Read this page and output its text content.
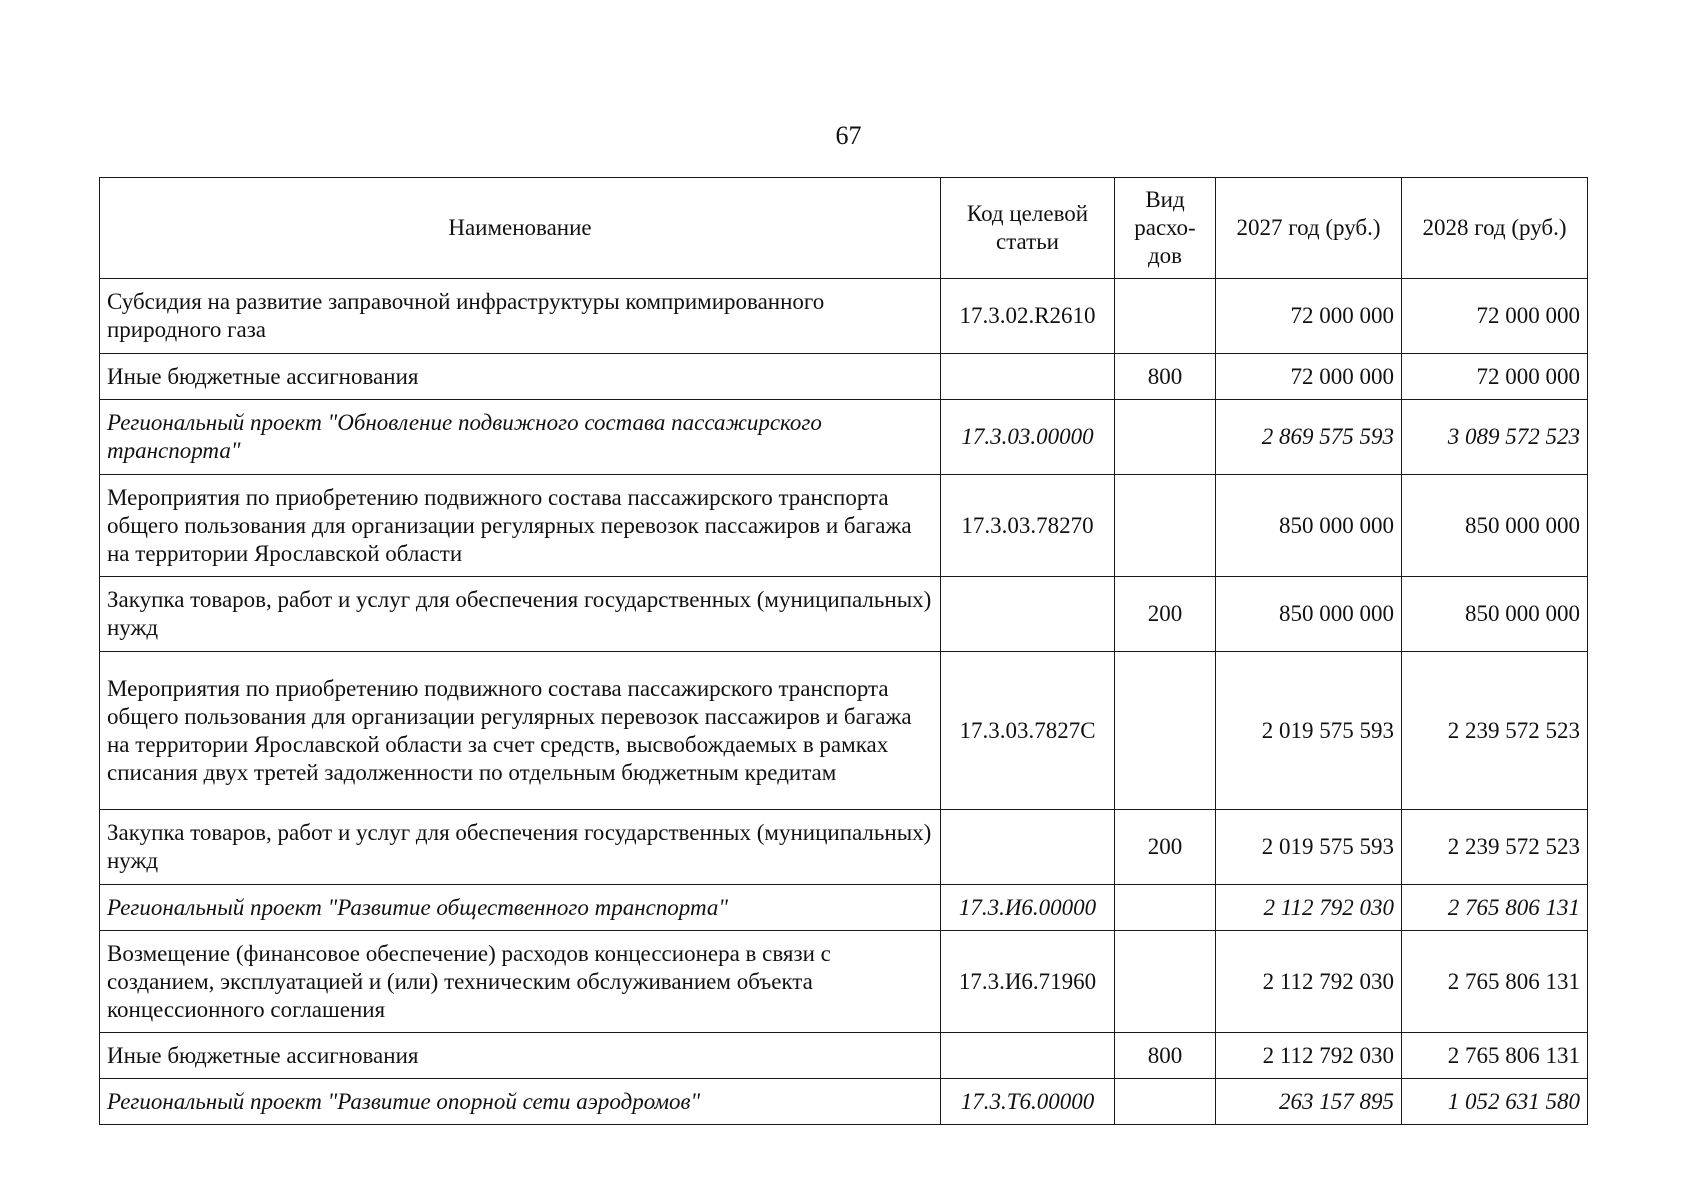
67
Наименование	Код целевой статьи	Вид расхо-дов	2027 год (руб.)	2028 год (руб.)
Субсидия на развитие заправочной инфраструктуры компримированного природного газа	17.3.02.R2610		72 000 000	72 000 000
Иные бюджетные ассигнования		800	72 000 000	72 000 000
Региональный проект "Обновление подвижного состава пассажирского транспорта"	17.3.03.00000		2 869 575 593	3 089 572 523
Мероприятия по приобретению подвижного состава пассажирского транспорта общего пользования для организации регулярных перевозок пассажиров и багажа на территории Ярославской области	17.3.03.78270		850 000 000	850 000 000
Закупка товаров, работ и услуг для обеспечения государственных (муниципальных) нужд		200	850 000 000	850 000 000
Мероприятия по приобретению подвижного состава пассажирского транспорта общего пользования для организации регулярных перевозок пассажиров и багажа на территории Ярославской области за счет средств, высвобождаемых в рамках списания двух третей задолженности по отдельным бюджетным кредитам	17.3.03.7827C		2 019 575 593	2 239 572 523
Закупка товаров, работ и услуг для обеспечения государственных (муниципальных) нужд		200	2 019 575 593	2 239 572 523
Региональный проект "Развитие общественного транспорта"	17.3.И6.00000		2 112 792 030	2 765 806 131
Возмещение (финансовое обеспечение) расходов концессионера в связи с созданием, эксплуатацией и (или) техническим обслуживанием объекта концессионного соглашения	17.3.И6.71960		2 112 792 030	2 765 806 131
Иные бюджетные ассигнования		800	2 112 792 030	2 765 806 131
Региональный проект "Развитие опорной сети аэродромов"	17.3.Т6.00000		263 157 895	1 052 631 580
